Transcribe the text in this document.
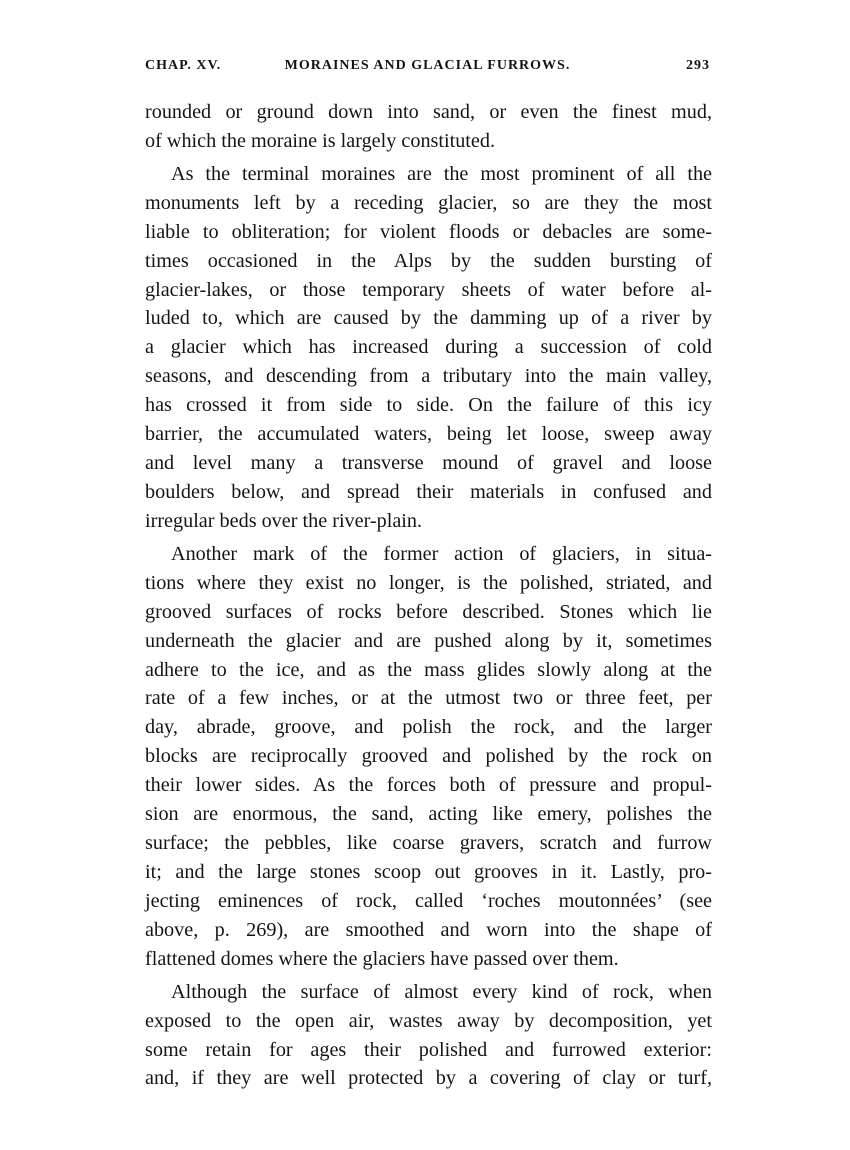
CHAP. XV.	MORAINES AND GLACIAL FURROWS.	293
rounded or ground down into sand, or even the finest mud,
of which the moraine is largely constituted.
As the terminal moraines are the most prominent of all the
monuments left by a receding glacier, so are they the most
liable to obliteration; for violent floods or debacles are some-
times occasioned in the Alps by the sudden bursting of
glacier-lakes, or those temporary sheets of water before al-
luded to, which are caused by the damming up of a river by
a glacier which has increased during a succession of cold
seasons, and descending from a tributary into the main valley,
has crossed it from side to side. On the failure of this icy
barrier, the accumulated waters, being let loose, sweep away
and level many a transverse mound of gravel and loose
boulders below, and spread their materials in confused and
irregular beds over the river-plain.
Another mark of the former action of glaciers, in situa-
tions where they exist no longer, is the polished, striated, and
grooved surfaces of rocks before described. Stones which lie
underneath the glacier and are pushed along by it, sometimes
adhere to the ice, and as the mass glides slowly along at the
rate of a few inches, or at the utmost two or three feet, per
day, abrade, groove, and polish the rock, and the larger
blocks are reciprocally grooved and polished by the rock on
their lower sides. As the forces both of pressure and propul-
sion are enormous, the sand, acting like emery, polishes the
surface; the pebbles, like coarse gravers, scratch and furrow
it; and the large stones scoop out grooves in it. Lastly, pro-
jecting eminences of rock, called ‘roches moutonnées’ (see
above, p. 269), are smoothed and worn into the shape of
flattened domes where the glaciers have passed over them.
Although the surface of almost every kind of rock, when
exposed to the open air, wastes away by decomposition, yet
some retain for ages their polished and furrowed exterior:
and, if they are well protected by a covering of clay or turf,
